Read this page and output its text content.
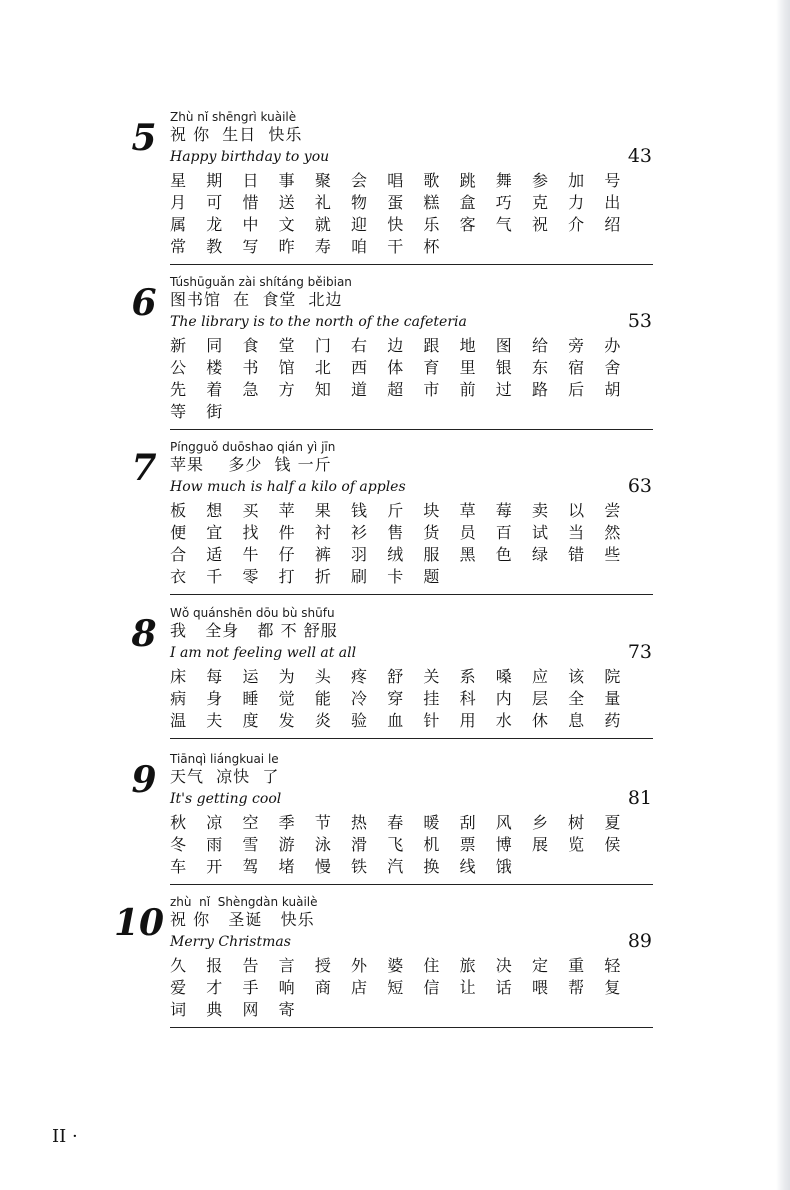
5	Zhù nǐ shēngrì kuàilè
祝 你  生日  快乐
Happy birthday to you	43
星	期	日	事	聚	会	唱	歌	跳	舞	参	加	号
月	可	惜	送	礼	物	蛋	糕	盒	巧	克	力	出
属	龙	中	文	就	迎	快	乐	客	气	祝	介	绍
常	教	写	昨	寿	咱	干	杯
6	Túshūguǎn zài shítáng běibian
图书馆  在  食堂  北边
The library is to the north of the cafeteria	53
新	同	食	堂	门	右	边	跟	地	图	给	旁	办
公	楼	书	馆	北	西	体	育	里	银	东	宿	舍
先	着	急	方	知	道	超	市	前	过	路	后	胡
等	街
7	Píngguǒ duōshao qián yì jīn
苹果    多少  钱 一斤
How much is half a kilo of apples	63
板	想	买	苹	果	钱	斤	块	草	莓	卖	以	尝
便	宜	找	件	衬	衫	售	货	员	百	试	当	然
合	适	牛	仔	裤	羽	绒	服	黑	色	绿	错	些
衣	千	零	打	折	刷	卡	题
8	Wǒ quánshēn dōu bù shūfu
我   全身   都 不 舒服
I am not feeling well at all	73
床	每	运	为	头	疼	舒	关	系	嗓	应	该	院
病	身	睡	觉	能	冷	穿	挂	科	内	层	全	量
温	夫	度	发	炎	验	血	针	用	水	休	息	药
9	Tiānqì liángkuai le
天气  凉快  了
It's getting cool	81
秋	凉	空	季	节	热	春	暖	刮	风	乡	树	夏
冬	雨	雪	游	泳	滑	飞	机	票	博	展	览	侯
车	开	驾	堵	慢	铁	汽	换	线	饿
10 zhù  nǐ  Shèngdàn kuàilè
祝 你   圣诞   快乐
Merry Christmas	89
久	报	告	言	授	外	婆	住	旅	决	定	重	轻
爱	才	手	响	商	店	短	信	让	话	喂	帮	复
词	典	网	寄
II ·
